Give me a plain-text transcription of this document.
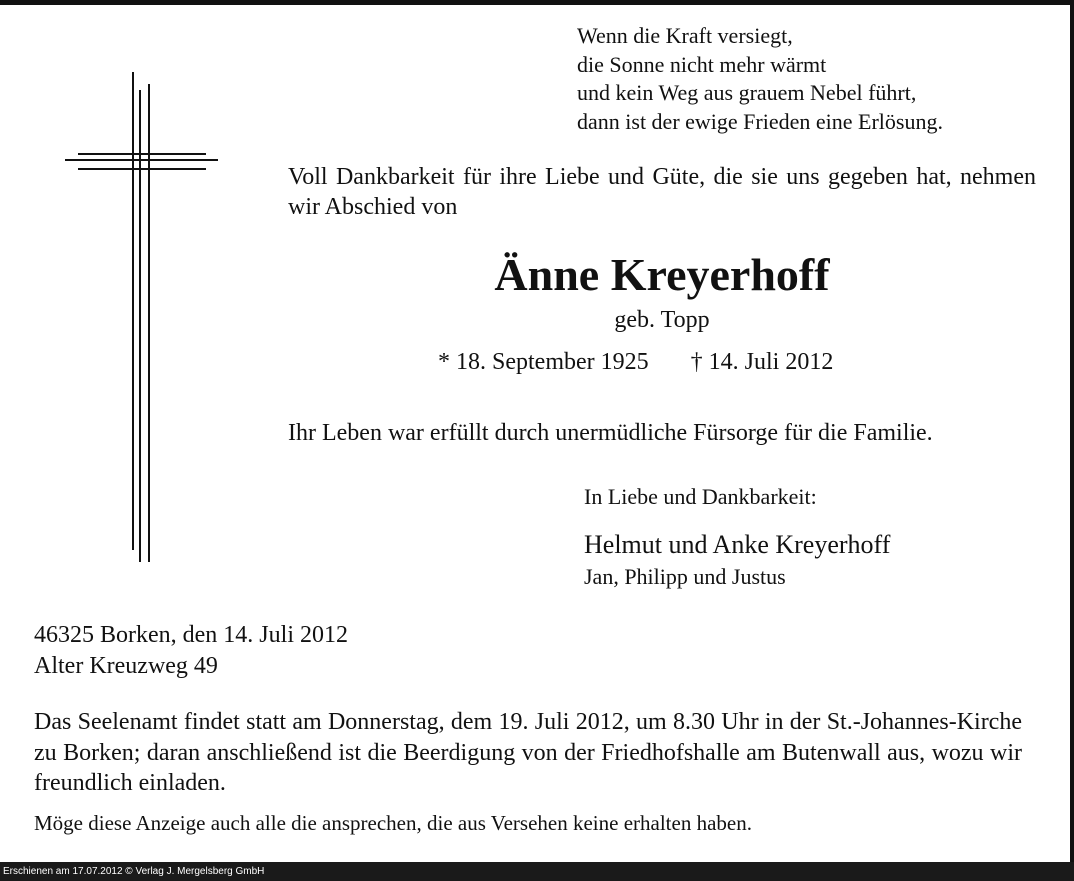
Wenn die Kraft versiegt,
die Sonne nicht mehr wärmt
und kein Weg aus grauem Nebel führt,
dann ist der ewige Frieden eine Erlösung.
Voll Dankbarkeit für ihre Liebe und Güte, die sie uns gegeben hat, nehmen wir Abschied von
Änne Kreyerhoff
geb. Topp
* 18. September 1925 † 14. Juli 2012
Ihr Leben war erfüllt durch unermüdliche Fürsorge für die Familie.
In Liebe und Dankbarkeit:
Helmut und Anke Kreyerhoff
Jan, Philipp und Justus
46325 Borken, den 14. Juli 2012
Alter Kreuzweg 49
Das Seelenamt findet statt am Donnerstag, dem 19. Juli 2012, um 8.30 Uhr in der St.-Johannes-Kirche zu Borken; daran anschließend ist die Beerdigung von der Friedhofshalle am Butenwall aus, wozu wir freundlich einladen.
Möge diese Anzeige auch alle die ansprechen, die aus Versehen keine erhalten haben.
Erschienen am 17.07.2012 © Verlag J. Mergelsberg GmbH
